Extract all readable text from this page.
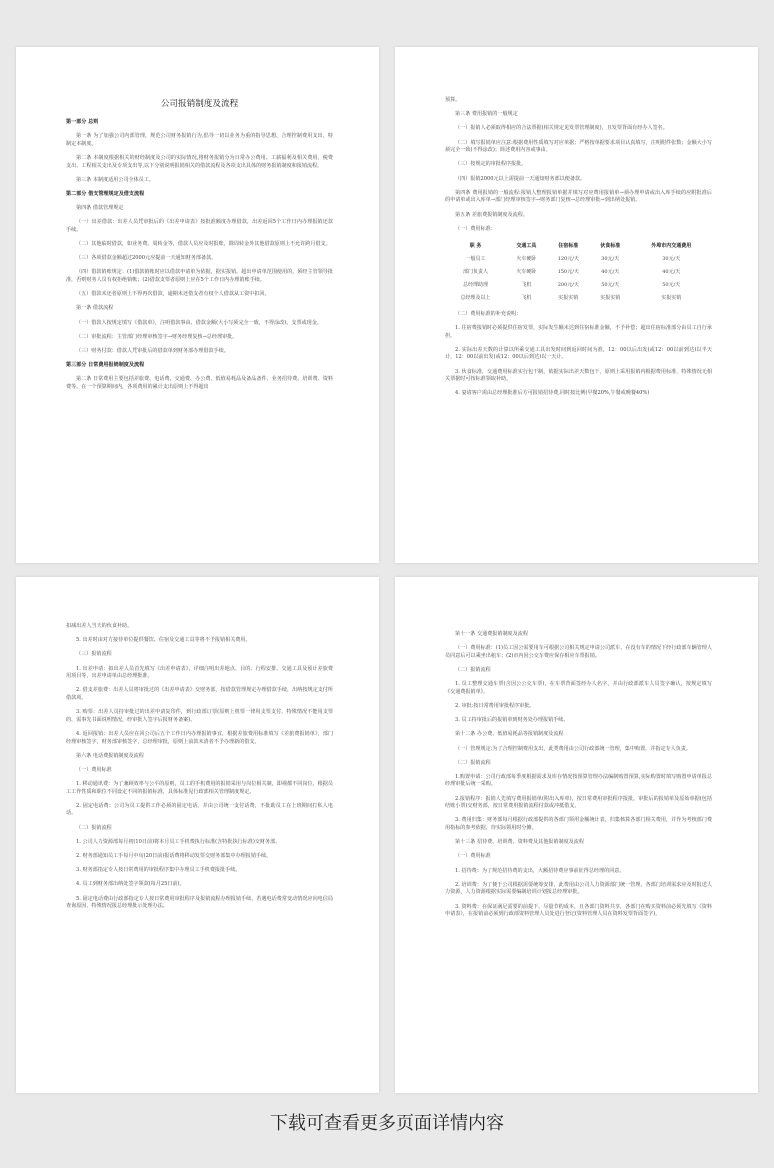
公司报销制度及流程

第一部分 总则

第一条 为了加强公司内部管理，规范公司财务报销行为,倡导一切以业务为重的指导思想，合理控制费用支出，特制定本制度。

第二条 本制度根据相关的财经制度及公司的实际情况,将财务报销分为日常办公费用、工薪福利及相关费用、税费支出、工程相关支出及专项支出等,以下分别说明报销相关的借款流程及各项支出具体的财务报销制度和报销流程。

第三条 本制度适用公司全体员工。

第二部分 借支管理规定及借支流程

第四条 借款管理规定

（一）出差借款：出差人员凭审批后的《出差申请表》按批准额度办理借款，出差返回5个工作日内办理报销还款手续。

（二）其他临时借款，如业务费、周转金等，借款人员应及时报账，除周转金外其他借款原则上不允许跨月借支。

（三）各项借款金额超过2000元应提前一天通知财务部备款。

（四）借款销账规定：(1)借款销帐时应以借款申请单为依据，据实报销，超出申请单范围使用的，须经主管领导批准，否则财务人员有权拒绝销帐；(2)借款支票者原则上应在5个工作日内办理销账手续。

（五）借款未还者原则上不得再次借款，逾期未还借支者有权个人借款从工资中扣回。

第一条 借款流程

（一）借款人按规定填写《借款单》，注明借款事由、借款金额(大小写须完全一致，不得涂改)、支票或现金。

（二）审批流程：主管部门经理审核签字→财务经理复核→总经理审批。

（三）财务付款：借款人凭审批后的借款单到财务部办理借款手续。

第三部分 日常费用报销制度及流程

第二条 日常费用主要包括差旅费、电话费、交通费、办公费、低值易耗品及备品备件、业务招待费、培训费、资料费等。在一个预算期间内，各项费用的累计支出原则上不得超出

预算。

第三条 费用报销的一般规定

（一）报销人必须取得相应的合法票据(相关规定见发票管理制度)，且发票背面有经办人签名。

（二）填写报销单应注意:根据费用性质填写对应单据；严格按单据要求项目认真填写，注明附件张数；金额大小写须完全一致(不得涂改)；简述费用内容或事由。

（三）按规定的审批程序报批。

（四）报销2000元以上需提前一天通知财务部以便备款。

第四条 费用报销的一般流程:报销人整理报销单据并填写对应费用报销单→须办理申请或出入库手续的应附批准后的申请单或出入库单→部门经理审核签字→财务部门复核→总经理审批→到出纳处报销。

第五条 差旅费报销制度及流程。

（一）费用标准：

职 务	交通工具	住宿标准	伙食标准	外埠市内交通费用
一般员工	火车硬卧	120元/天	30元/天	30元/天
部门负责人	火车硬卧	150元/天	40元/天	40元/天
总经理助理	飞机	200元/天	50元/天	50元/天
总经理及以上	飞机	实报实销	实报实销	实报实销

（二）费用标准的补充说明：

1. 住宿费报销时必须提供住宿发票，实际发生额未达到住宿标准金额，不予补偿；超出住宿标准部分由员工自行承担。

2. 实际出差天数的计算以所乘交通工具出发时间到返回时间为准，12：00以后出发(或12：00以前到达)以半天计，12：00以前出发(或12：00以后到达)以一天计。

3. 伙食标准，交通费用标准实行包干制，依据实际出差天数包干，原则上采用报销内根据费用标准，特殊情况无相关票据时可按标准领取补助。

4. 宴请客户需由总经理批准后方可报销招待费,同时按比例(早餐20%,午餐或晚餐40%)

扣减出差人当天的伙食补助。

5. 出差时由对方接待单位提供餐饮、住宿及交通工具等将不予报销相关费用。

（三）报销流程

1. 出差申请：拟出差人员首先填写《出差申请表》，详细注明出差地点、目的、行程安排、交通工具及预计差旅费用项目等，出差申请单由总经理批准。

2. 借支差旅费：出差人员将审批过的《出差申请表》交财务部，按借款管理规定办理借款手续，出纳按规定支付所借款项。

3. 购票：出差人员持审批过的出差申请复印件，到行政部订票(原则上机票一律用支票支付，特殊情况不能用支票的，需事先书面说明情况，经审批人签字后报财务备案)。

4. 返回报销：出差人员应在回公司后五个工作日内办理报销事宜，根据差旅费用标准填写《差旅费报销单》，部门经理审核签字，财务部审核签字，总经理审批，原则上前款未清者不予办理新的借支。

第六条 电话费报销制度及流程

（一）费用标准

1. 移动通讯费：为了兼顾效率与公平的原则，员工的手机费用的报销采用与岗位相关制，即视都不同岗位，根据员工工作性质和职位不同设定不同的报销标准，具体标准见行政部相关管理制度规定。

2. 固定电话费：公司为员工提供工作必须的固定电话，并由公司统一支付话费，不批助员工在上班期间打私人电话。

（二）报销流程

1. 公司人力资源部每月初(10日前)将本月员工手机费执行标准(含特批执行标准)交财务部。

2. 财务部通知员工手每月中旬(20日前)报话费将移动发票交财务部集中办理报销手续。

3. 财务部指定专人按日常费用的审批程序集中办理员工手机费报批手续。

4. 员工到财务部出纳处签字领款(每月25日前)。

5. 固定电话费由行政部指定专人按日常费用审批程序及报销流程办理报销手续，若遇电话费常变动情况应向电信局查询原因，特殊情况报总经理批示处理办法。

第十一条 交通费报销制度及流程

（一）费用标准：(1)员工因公需要用车可根据公司相关规定申请公司派车，在没有车的情况下经行政部车辆管理人员同意后可以乘坐出租车；(2)市内因公交车费应保存相应车票报销。

（二）报销流程

1. 员工整理交通车票(含因公公交车票)，在车票背面签经办人名字，并由行政部派车人员签字确认，按规定填写《交通费报销单》。

2. 审批:按日常费用审批程序审批。

3. 员工持审批后的报销单到财务处办理报销手续。

第十二条 办公费、低值易耗品等报销制度及流程

（一）管理规定:为了合理控制费用支出，此类费用由公司行政部统一管理，集中购置，并指定专人负责。

（二）报销流程

1.购置申请：公司行政部每季度根据需求及库存情况按预算管理办法编制购置预算,实际购置时填写购置申请单报总经理审批后统一采购。

2.报销程序：报销人先填写费用报销单(附出入库单)，按日常费用审批程序报批，审批后的报销单及原始单据(包括结账小票)交财务部，按日常费用报销流程付款或冲抵借支。

3. 费用归集：财务部每月根据行政部提供的各部门领用金额统计表，归集核算各部门相关费用，并作为考核部门费用指标的参考依据，待实际领用时分摊。

第十三条 招待费、培训费、资料费及其他报销制度及流程

（一）费用标准

1. 招待费：为了规范招待费的支出，大额招待费应事前征得总经理的同意。

2. 培训费：为了便于公司根据需要统筹安排，此费用由公司人力资源部门统一管理，各部门培训需求应及时报送人力资源，人力资源根据实际需要编制培训计划报总经理审批。

3. 资料费：在保证满足需要的前提下，尽量节约成本，且各部门资料共享，各部门在购买资料前必须先填写《资料申请表》，在报销前必须到行政部资料管理人员处进行登记(资料管理人员在资料发票背面签字)。

下载可查看更多页面详情内容
